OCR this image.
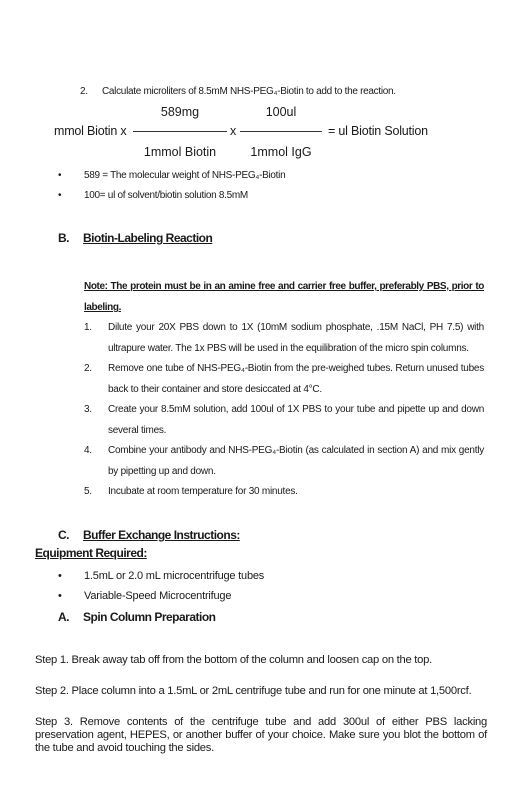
2. Calculate microliters of 8.5mM NHS-PEG₄-Biotin to add to the reaction.
mmol Biotin x
589mg
1mmol Biotin
x
100ul
1mmol IgG
= ul Biotin Solution
• 589 = The molecular weight of NHS-PEG₄-Biotin
• 100= ul of solvent/biotin solution 8.5mM
B. Biotin-Labeling Reaction
Note: The protein must be in an amine free and carrier free buffer, preferably PBS, prior to labeling.
1. Dilute your 20X PBS down to 1X (10mM sodium phosphate, .15M NaCl, PH 7.5) with ultrapure water. The 1x PBS will be used in the equilibration of the micro spin columns.
2. Remove one tube of NHS-PEG₄-Biotin from the pre-weighed tubes. Return unused tubes back to their container and store desiccated at 4°C.
3. Create your 8.5mM solution, add 100ul of 1X PBS to your tube and pipette up and down several times.
4. Combine your antibody and NHS-PEG₄-Biotin (as calculated in section A) and mix gently by pipetting up and down.
5. Incubate at room temperature for 30 minutes.
C. Buffer Exchange Instructions:
Equipment Required:
• 1.5mL or 2.0 mL microcentrifuge tubes
• Variable-Speed Microcentrifuge
A. Spin Column Preparation
Step 1. Break away tab off from the bottom of the column and loosen cap on the top.
Step 2. Place column into a 1.5mL or 2mL centrifuge tube and run for one minute at 1,500rcf.
Step 3. Remove contents of the centrifuge tube and add 300ul of either PBS lacking preservation agent, HEPES, or another buffer of your choice. Make sure you blot the bottom of the tube and avoid touching the sides.
